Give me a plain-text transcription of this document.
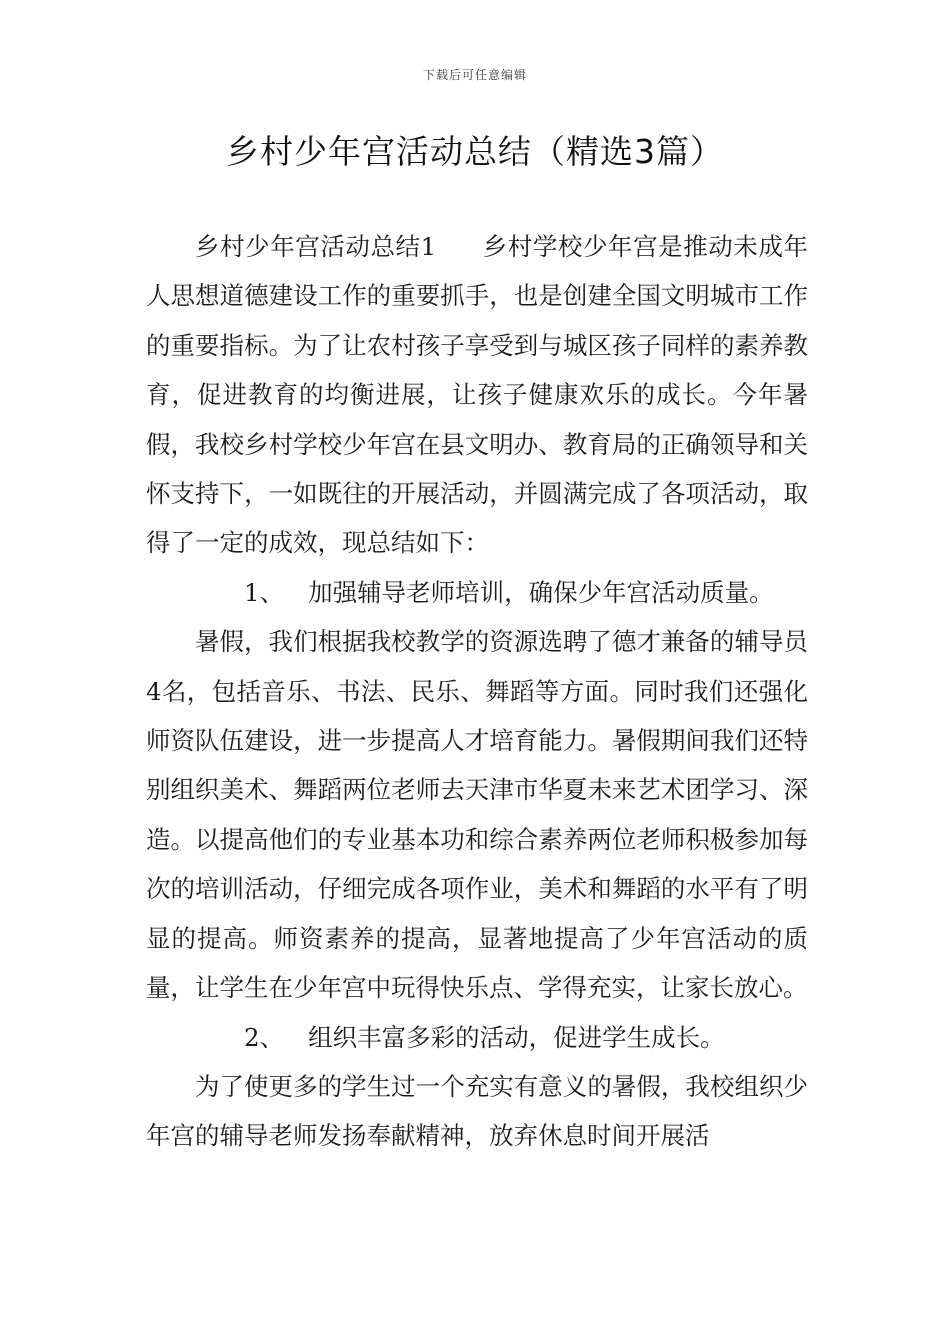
下载后可任意编辑
乡村少年宫活动总结（精选3篇）

乡村少年宫活动总结1 乡村学校少年宫是推动未成年人思想道德建设工作的重要抓手，也是创建全国文明城市工作的重要指标。为了让农村孩子享受到与城区孩子同样的素养教育，促进教育的均衡进展，让孩子健康欢乐的成长。今年暑假，我校乡村学校少年宫在县文明办、教育局的正确领导和关怀支持下，一如既往的开展活动，并圆满完成了各项活动，取得了一定的成效，现总结如下：

1、 加强辅导老师培训，确保少年宫活动质量。

暑假，我们根据我校教学的资源选聘了德才兼备的辅导员4名，包括音乐、书法、民乐、舞蹈等方面。同时我们还强化师资队伍建设，进一步提高人才培育能力。暑假期间我们还特别组织美术、舞蹈两位老师去天津市华夏未来艺术团学习、深造。以提高他们的专业基本功和综合素养两位老师积极参加每次的培训活动，仔细完成各项作业，美术和舞蹈的水平有了明显的提高。师资素养的提高，显著地提高了少年宫活动的质量，让学生在少年宫中玩得快乐点、学得充实，让家长放心。

2、 组织丰富多彩的活动，促进学生成长。

为了使更多的学生过一个充实有意义的暑假，我校组织少年宫的辅导老师发扬奉献精神，放弃休息时间开展活
